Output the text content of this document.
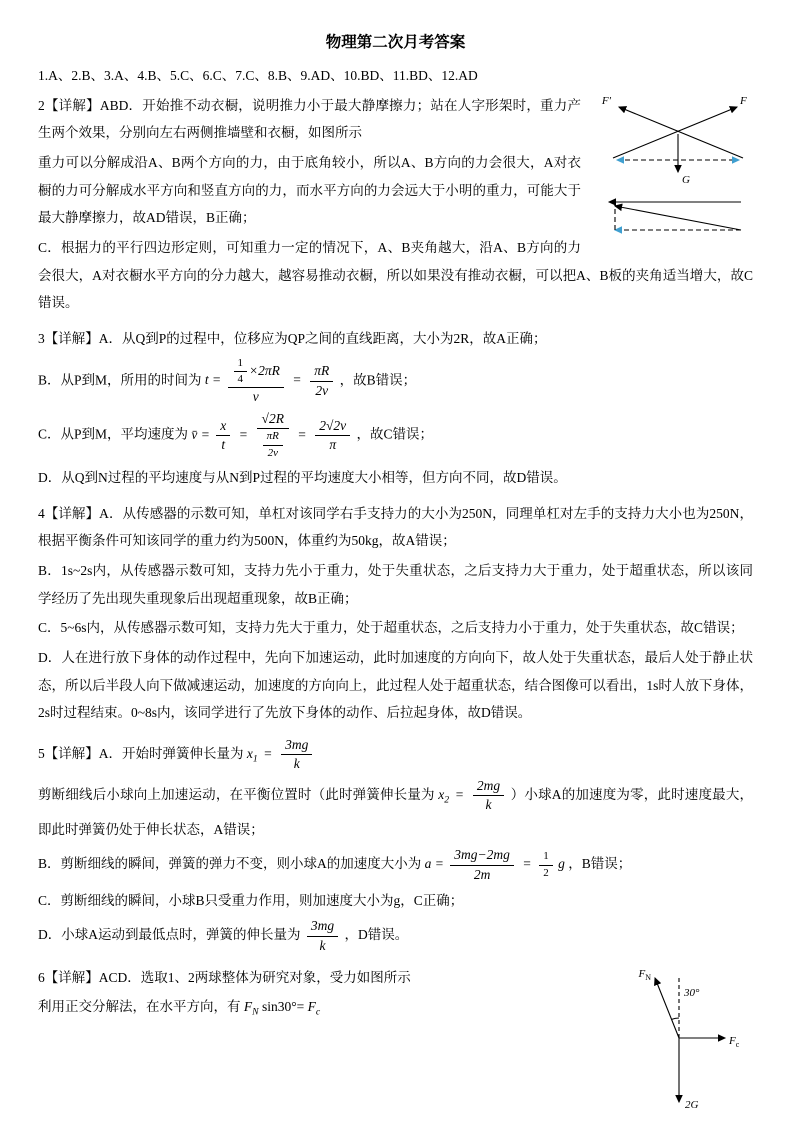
物理第二次月考答案

1.A、2.B、3.A、4.B、5.C、6.C、7.C、8.B、9.AD、10.BD、11.BD、12.AD

F′	F
G

2【详解】ABD．开始推不动衣橱，说明推力小于最大静摩擦力；站在人字形架时，重力产生两个效果，分别向左右两侧推墙壁和衣橱，如图所示

重力可以分解成沿A、B两个方向的力，由于底角较小，所以A、B方向的力会很大，A对衣橱的力可分解成水平方向和竖直方向的力，而水平方向的力会远大于小明的重力，可能大于最大静摩擦力，故AD错误，B正确；

C．根据力的平行四边形定则，可知重力一定的情况下，A、B夹角越大，沿A、B方向的力会很大，A对衣橱水平方向的分力越大，越容易推动衣橱，所以如果没有推动衣橱，可以把A、B板的夹角适当增大，故C错误。

3【详解】A．从Q到P的过程中，位移应为QP之间的直线距离，大小为2R，故A正确；

B．从P到M，所用的时间为 $t = \frac{\frac{1}{4} \times 2\pi R}{v} = \frac{\pi R}{2v}$ ，故B错误；

C．从P到M，平均速度为 v̄ = $\frac{x}{t} = \frac{√2R}{\frac{\pi R}{2v}} = \frac{2√2v}{\pi}$ ，故C错误；

D．从Q到N过程的平均速度与从N到P过程的平均速度大小相等，但方向不同，故D错误。

4【详解】A．从传感器的示数可知，单杠对该同学右手支持力的大小为250N，同理单杠对左手的支持力大小也为250N，根据平衡条件可知该同学的重力约为500N，体重约为50kg，故A错误；

B．1s~2s内，从传感器示数可知，支持力先小于重力，处于失重状态，之后支持力大于重力，处于超重状态，所以该同学经历了先出现失重现象后出现超重现象，故B正确；

C．5~6s内，从传感器示数可知，支持力先大于重力，处于超重状态，之后支持力小于重力，处于失重状态，故C错误；

D．人在进行放下身体的动作过程中，先向下加速运动，此时加速度的方向向下，故人处于失重状态，最后人处于静止状态，所以后半段人向下做减速运动，加速度的方向向上，此过程人处于超重状态，结合图像可以看出，1s时人放下身体，2s时过程结束。0~8s内，该同学进行了先放下身体的动作、后拉起身体，故D错误。

5【详解】A．开始时弹簧伸长量为 $x_1 = \frac{3mg}{k}$

剪断细线后小球向上加速运动，在平衡位置时（此时弹簧伸长量为 $x_2 = \frac{2mg}{k}$ ）小球A的加速度为零，此时速度最大，即此时弹簧仍处于伸长状态，A错误；

B．剪断细线的瞬间，弹簧的弹力不变，则小球A的加速度大小为 $a = \frac{3mg-2mg}{2m} = \frac{1}{2}$ g ，B错误；

C．剪断细线的瞬间，小球B只受重力作用，则加速度大小为g，C正确；

D．小球A运动到最低点时，弹簧的伸长量为 $\frac{3mg}{k}$ ，D错误。

$F_N$
30°
$F_c$
2G

6【详解】ACD．选取1、2两球整体为研究对象，受力如图所示

利用正交分解法，在水平方向，有 $F_N$ $\sin 30^\circ= F_c$
